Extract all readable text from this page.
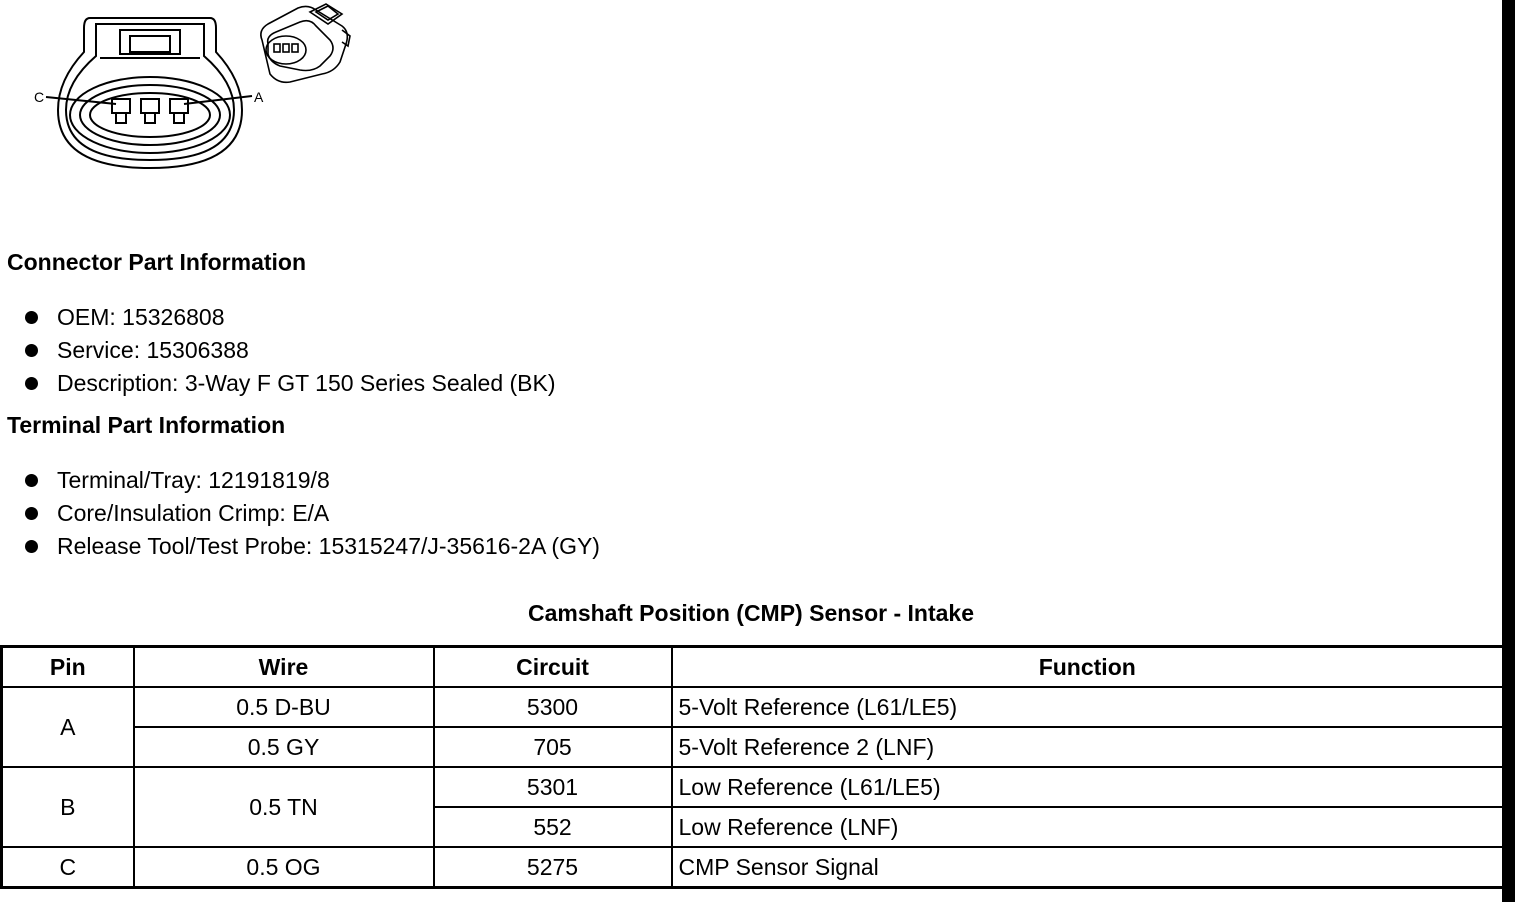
C	A
Connector Part Information
OEM: 15326808
Service: 15306388
Description: 3-Way F GT 150 Series Sealed (BK)
Terminal Part Information
Terminal/Tray: 12191819/8
Core/Insulation Crimp: E/A
Release Tool/Test Probe: 15315247/J-35616-2A (GY)
Camshaft Position (CMP) Sensor - Intake
Pin	Wire	Circuit	Function
A	0.5 D-BU	5300	5-Volt Reference (L61/LE5)
	0.5 GY	705	5-Volt Reference 2 (LNF)
B	0.5 TN	5301	Low Reference (L61/LE5)
		552	Low Reference (LNF)
C	0.5 OG	5275	CMP Sensor Signal
